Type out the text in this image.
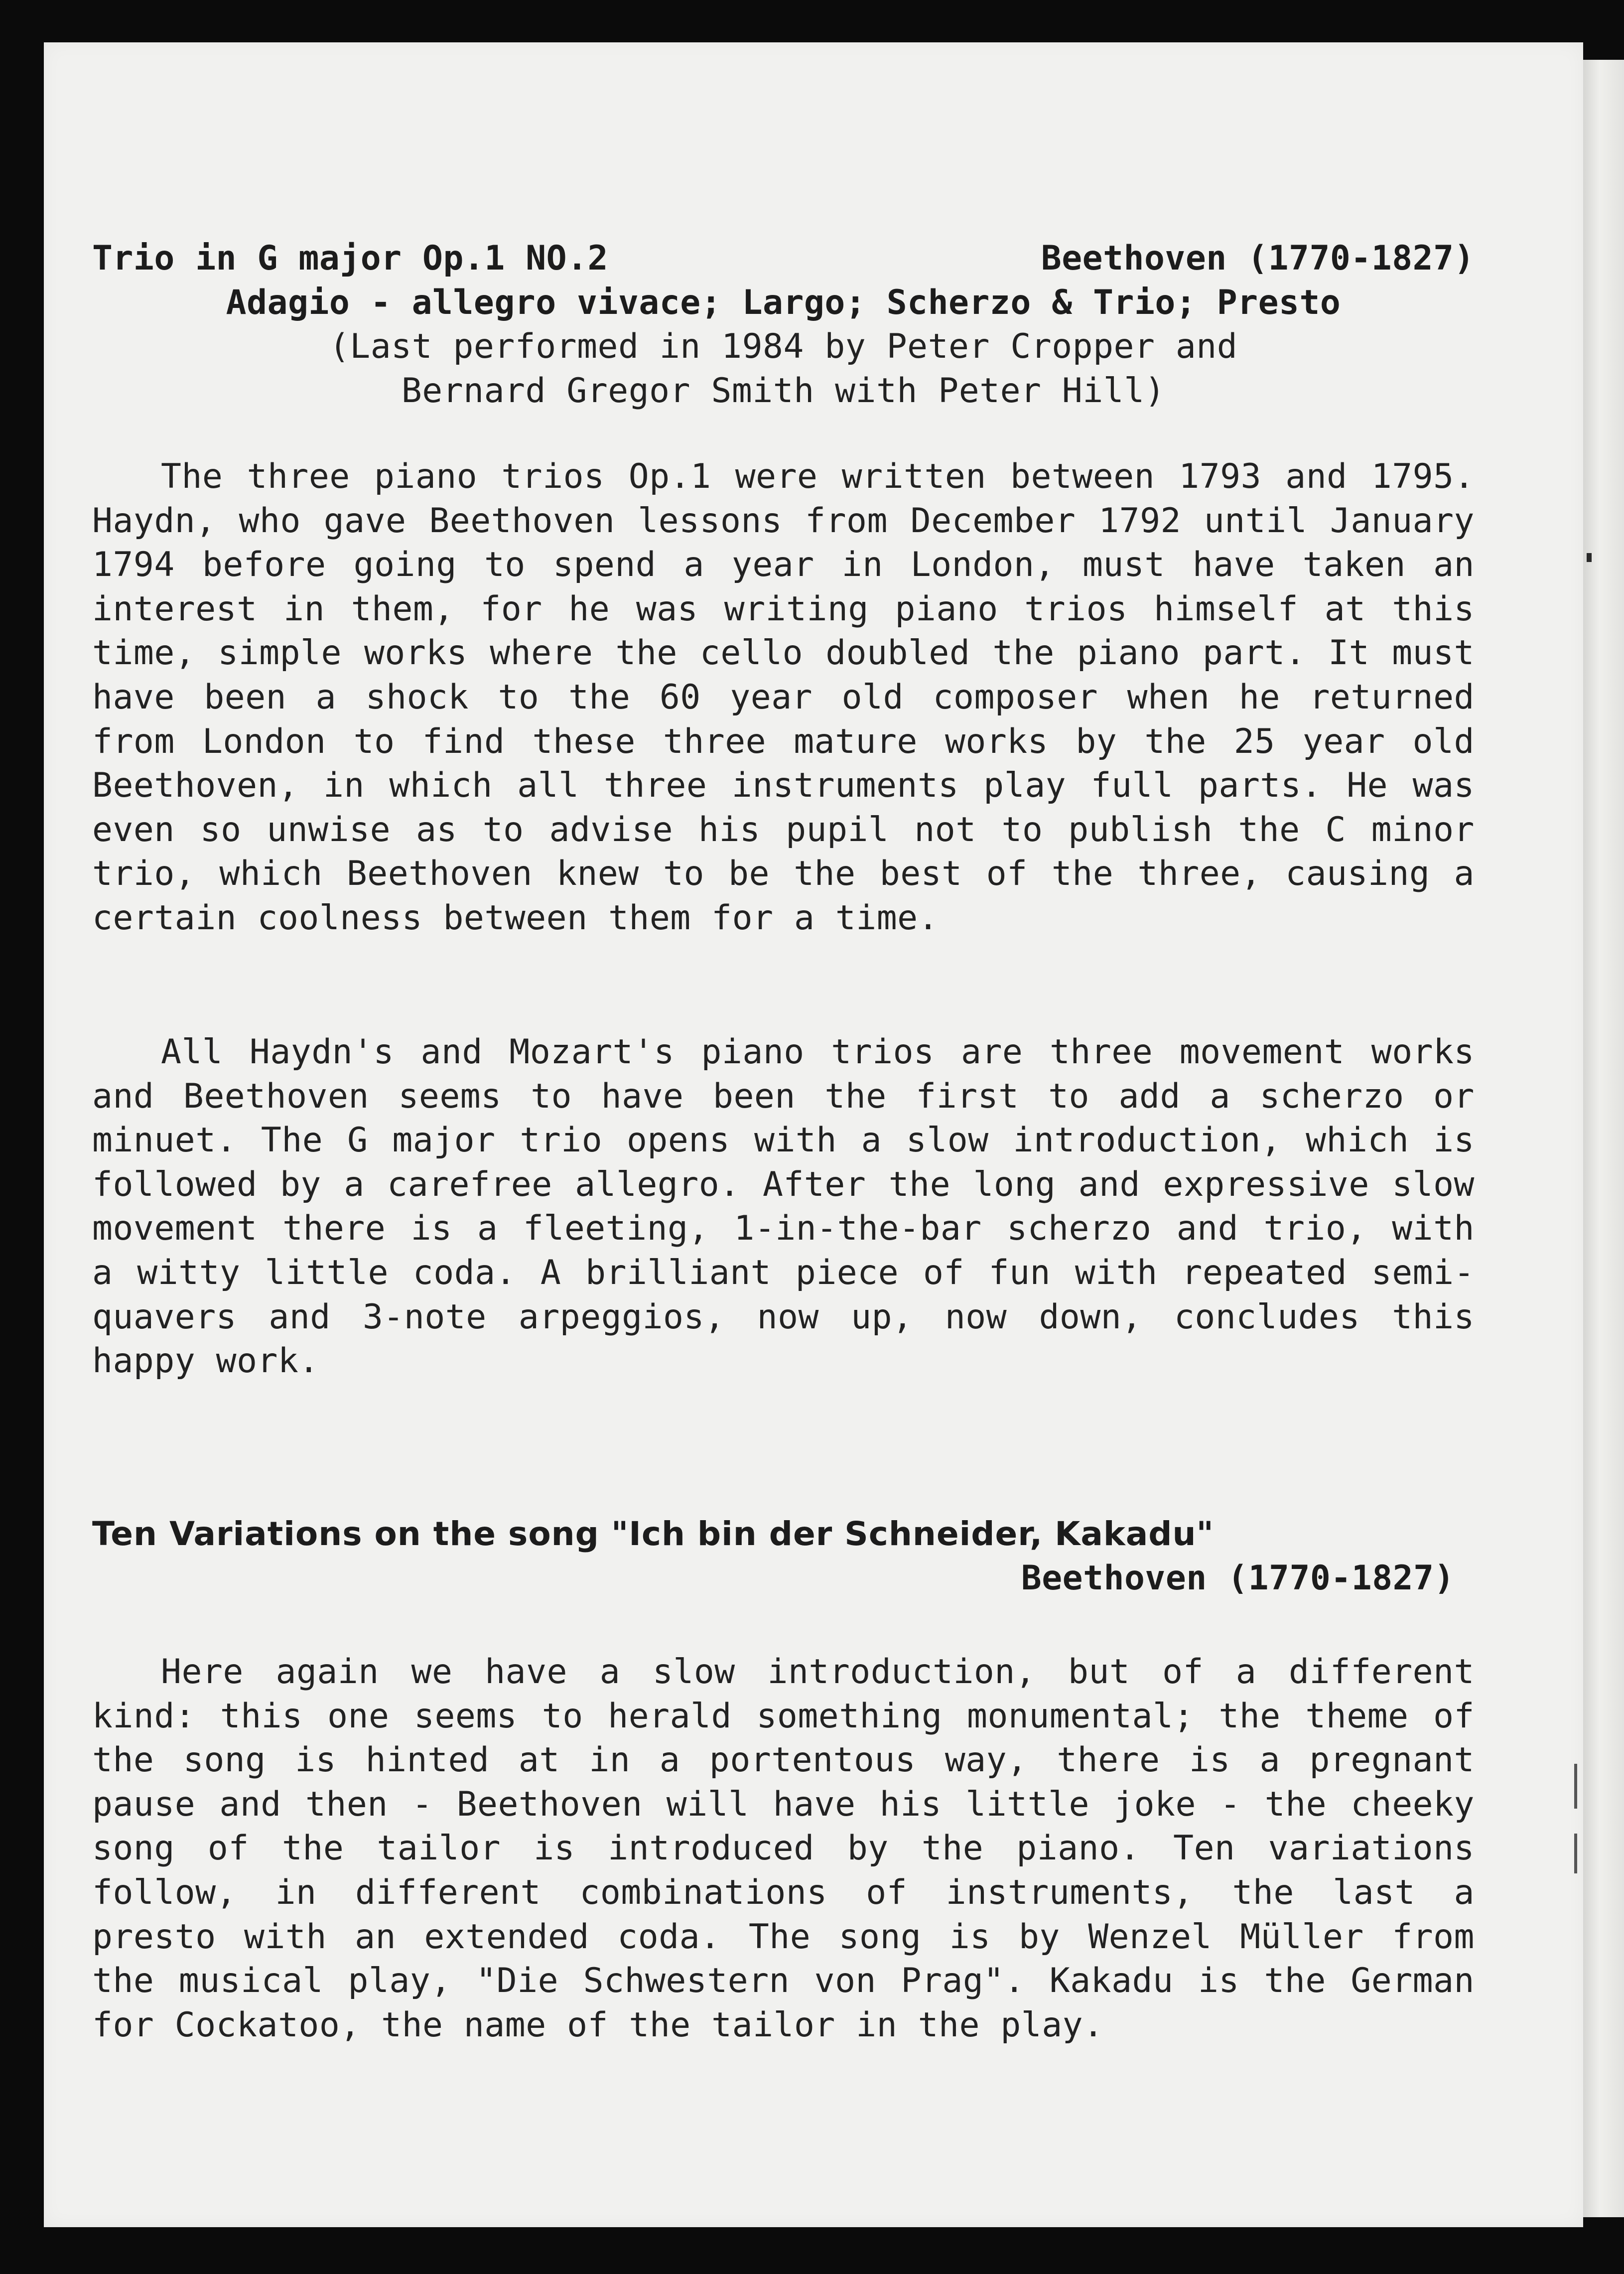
Trio in G major Op.1 NO.2	Beethoven (1770-1827)
Adagio - allegro vivace; Largo; Scherzo & Trio; Presto
(Last performed in 1984 by Peter Cropper and
Bernard Gregor Smith with Peter Hill)

The three piano trios Op.1 were written between 1793 and 1795. Haydn, who gave Beethoven lessons from December 1792 until January 1794 before going to spend a year in London, must have taken an interest in them, for he was writing piano trios himself at this time, simple works where the cello doubled the piano part. It must have been a shock to the 60 year old composer when he returned from London to find these three mature works by the 25 year old Beethoven, in which all three instruments play full parts. He was even so unwise as to advise his pupil not to publish the C minor trio, which Beethoven knew to be the best of the three, causing a certain coolness between them for a time.

All Haydn's and Mozart's piano trios are three movement works and Beethoven seems to have been the first to add a scherzo or minuet. The G major trio opens with a slow introduction, which is followed by a carefree allegro. After the long and expressive slow movement there is a fleeting, 1-in-the-bar scherzo and trio, with a witty little coda. A brilliant piece of fun with repeated semi-quavers and 3-note arpeggios, now up, now down, concludes this happy work.

Ten Variations on the song "Ich bin der Schneider, Kakadu"
Beethoven (1770-1827)

Here again we have a slow introduction, but of a different kind: this one seems to herald something monumental; the theme of the song is hinted at in a portentous way, there is a pregnant pause and then - Beethoven will have his little joke - the cheeky song of the tailor is introduced by the piano. Ten variations follow, in different combinations of instruments, the last a presto with an extended coda. The song is by Wenzel Müller from the musical play, "Die Schwestern von Prag". Kakadu is the German for Cockatoo, the name of the tailor in the play.
